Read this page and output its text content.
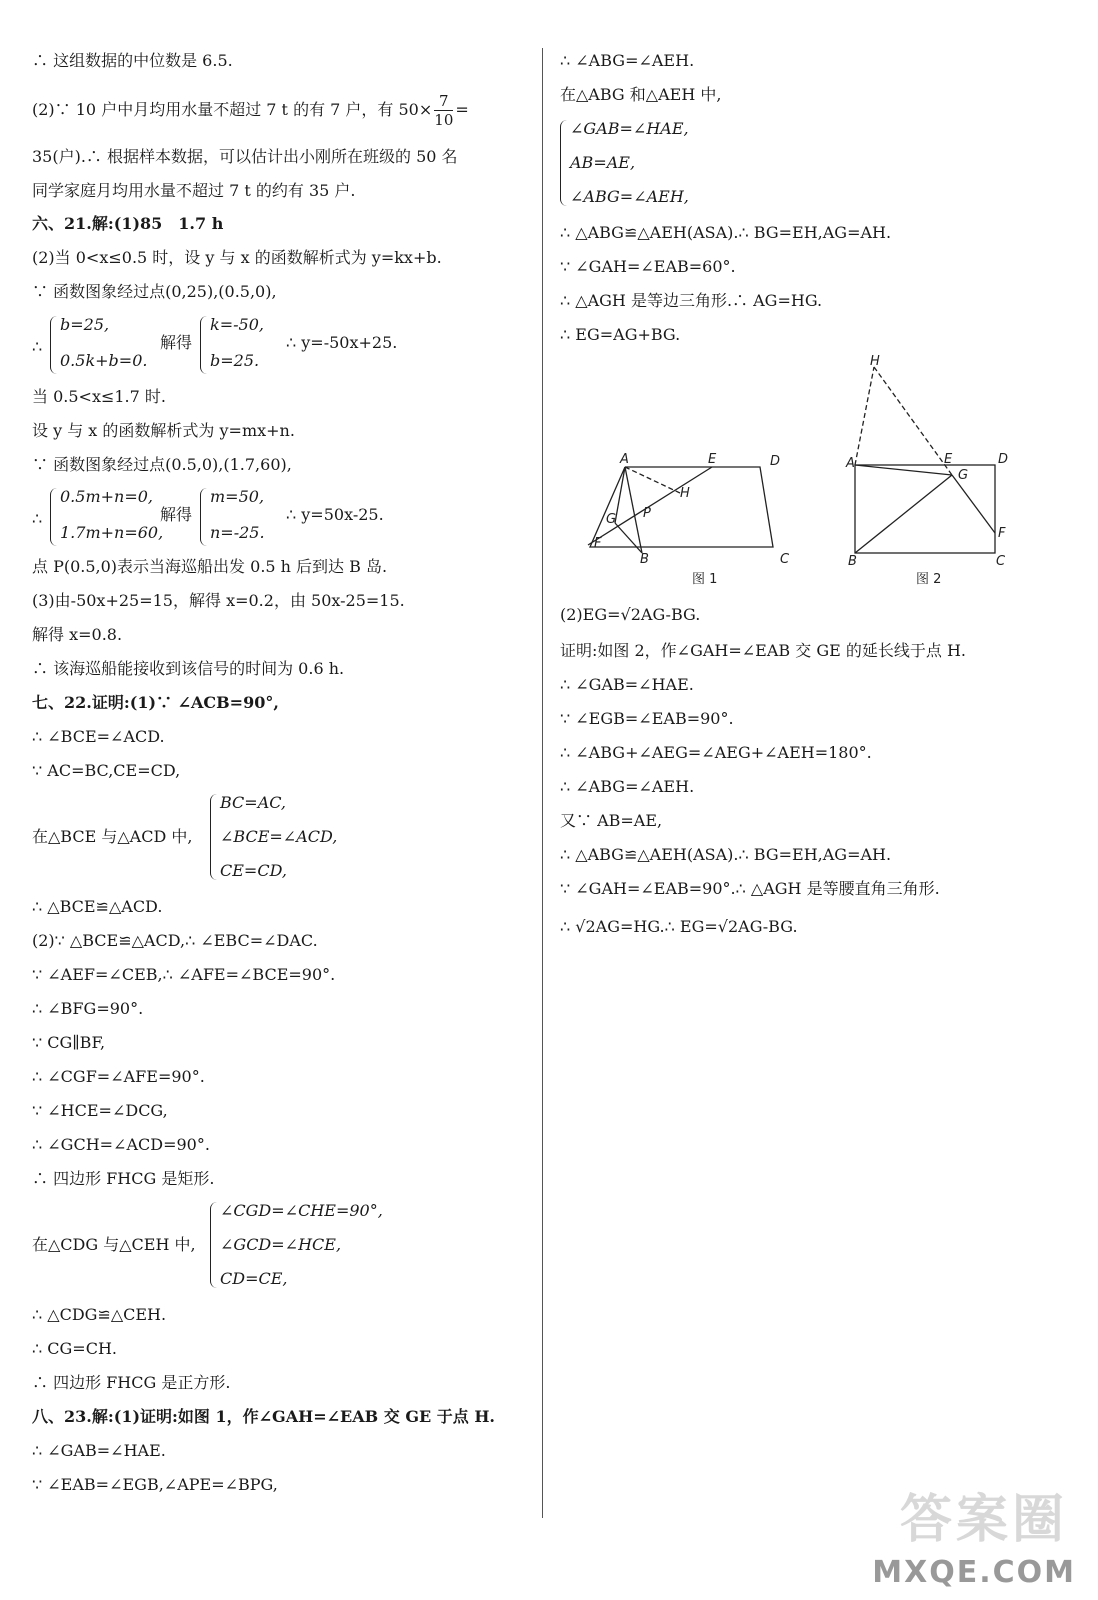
∴ 这组数据的中位数是 6.5.
(2)∵ 10 户中月均用水量不超过 7 t 的有 7 户，有 $50\times \frac{7}{10}$ =
35(户).∴ 根据样本数据，可以估计出小刚所在班级的 50 名
同学家庭月均用水量不超过 7 t 的约有 35 户.
六、21.解:(1)85　1.7 h
(2)当 0<x≤0.5 时，设 y 与 x 的函数解析式为 y=kx+b.
∵ 函数图象经过点(0,25),(0.5,0),
∴
b=25,
0.5k+b=0.
解得
k=-50,
b=25.
∴ y=-50x+25.
当 0.5<x≤1.7 时.
设 y 与 x 的函数解析式为 y=mx+n.
∵ 函数图象经过点(0.5,0),(1.7,60),
∴
0.5m+n=0,
1.7m+n=60,
解得
m=50,
n=-25.
∴ y=50x-25.
点 P(0.5,0)表示当海巡船出发 0.5 h 后到达 B 岛.
(3)由-50x+25=15，解得 x=0.2，由 50x-25=15.
解得 x=0.8.
∴ 该海巡船能接收到该信号的时间为 0.6 h.
七、22.证明:(1)∵ ∠ACB=90°,
∴ ∠BCE=∠ACD.
∵ AC=BC,CE=CD,
在△BCE 与△ACD 中,
BC=AC,
∠BCE=∠ACD,
CE=CD,
∴ △BCE≌△ACD.
(2)∵ △BCE≌△ACD,∴ ∠EBC=∠DAC.
∵ ∠AEF=∠CEB,∴ ∠AFE=∠BCE=90°.
∴ ∠BFG=90°.
∵ CG∥BF,
∴ ∠CGF=∠AFE=90°.
∵ ∠HCE=∠DCG,
∴ ∠GCH=∠ACD=90°.
∴ 四边形 FHCG 是矩形.
在△CDG 与△CEH 中,
∠CGD=∠CHE=90°,
∠GCD=∠HCE,
CD=CE,
∴ △CDG≌△CEH.
∴ CG=CH.
∴ 四边形 FHCG 是正方形.
八、23.解:(1)证明:如图 1，作∠GAH=∠EAB 交 GE 于点 H.
∴ ∠GAB=∠HAE.
∵ ∠EAB=∠EGB,∠APE=∠BPG,
∴ ∠ABG=∠AEH.
在△ABG 和△AEH 中,
∠GAB=∠HAE,
AB=AE,
∠ABG=∠AEH,
∴ △ABG≌△AEH(ASA).∴ BG=EH,AG=AH.
∵ ∠GAH=∠EAB=60°.
∴ △AGH 是等边三角形.∴ AG=HG.
∴ EG=AG+BG.
(2)EG=√2AG-BG.
证明:如图 2，作∠GAH=∠EAB 交 GE 的延长线于点 H.
∴ ∠GAB=∠HAE.
∵ ∠EGB=∠EAB=90°.
∴ ∠ABG+∠AEG=∠AEG+∠AEH=180°.
∴ ∠ABG=∠AEH.
又∵ AB=AE,
∴ △ABG≌△AEH(ASA).∴ BG=EH,AG=AH.
∵ ∠GAH=∠EAB=90°.∴ △AGH 是等腰直角三角形.
∴ √2AG=HG.∴ EG=√2AG-BG.
A	E	D
H
P
G
F
B	C
图 1
H
A	E	D
G
F
B	C
图 2
答案圈
MXQE.COM
